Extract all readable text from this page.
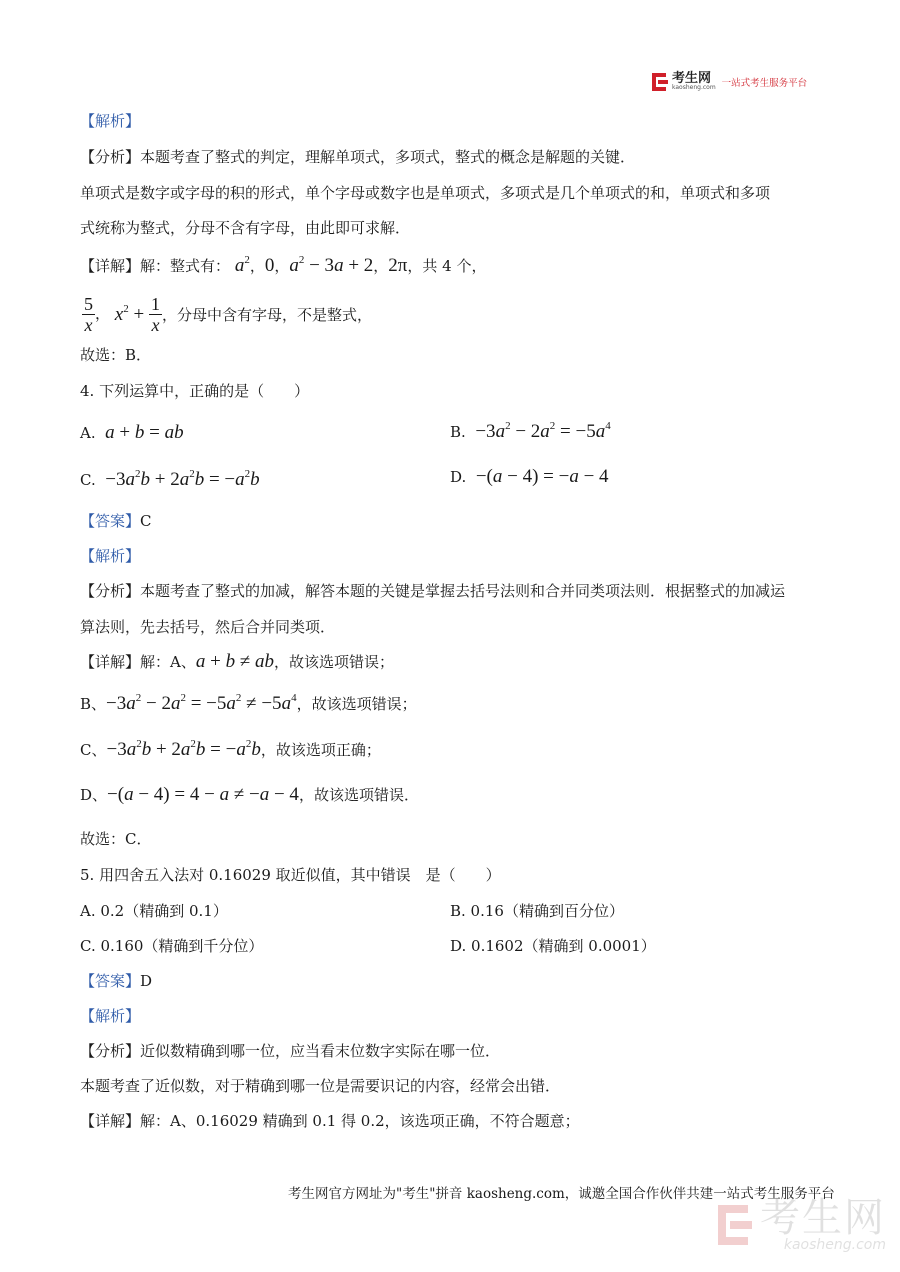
考生网
kaosheng.com 一站式考生服务平台
【解析】
【分析】本题考查了整式的判定，理解单项式，多项式，整式的概念是解题的关键．
单项式是数字或字母的积的形式，单个字母或数字也是单项式，多项式是几个单项式的和，单项式和多项
式统称为整式，分母不含有字母，由此即可求解．
【详解】解：整式有： $a^2$，0，$a^2 - 3a + 2$，2π，共 4 个，
$\frac{5}{x}$ ， $x^2 + \frac{1}{x}$ ，分母中含有字母，不是整式，
故选：B．
4. 下列运算中，正确的是（　　）
A. a + b = ab	B. $-3a^2 - 2a^2 = -5a^4$
C. $-3a^2b + 2a^2b = -a^2b$	D. −(a − 4) = −a − 4
【答案】C
【解析】
【分析】本题考查了整式的加减，解答本题的关键是掌握去括号法则和合并同类项法则．根据整式的加减运
算法则，先去括号，然后合并同类项．
【详解】解：A、a + b ≠ ab，故该选项错误；
B、$-3a^2 - 2a^2 = -5a^2 \ne -5a^4$，故该选项错误；
C、$-3a^2b + 2a^2b = -a^2b$，故该选项正确；
D、−(a − 4) = 4 − a ≠ −a − 4，故该选项错误．
故选：C．
5. 用四舍五入法对 0.16029 取近似值，其中错误　是（　　）
A. 0.2（精确到 0.1）	B. 0.16（精确到百分位）
C. 0.160（精确到千分位）	D. 0.1602（精确到 0.0001）
【答案】D
【解析】
【分析】近似数精确到哪一位，应当看末位数字实际在哪一位．
本题考查了近似数，对于精确到哪一位是需要识记的内容，经常会出错．
【详解】解：A、0.16029 精确到 0.1 得 0.2，该选项正确，不符合题意；
考生网官方网址为"考生"拼音 kaosheng.com，诚邀全国合作伙伴共建一站式考生服务平台
考生网
kaosheng.com
